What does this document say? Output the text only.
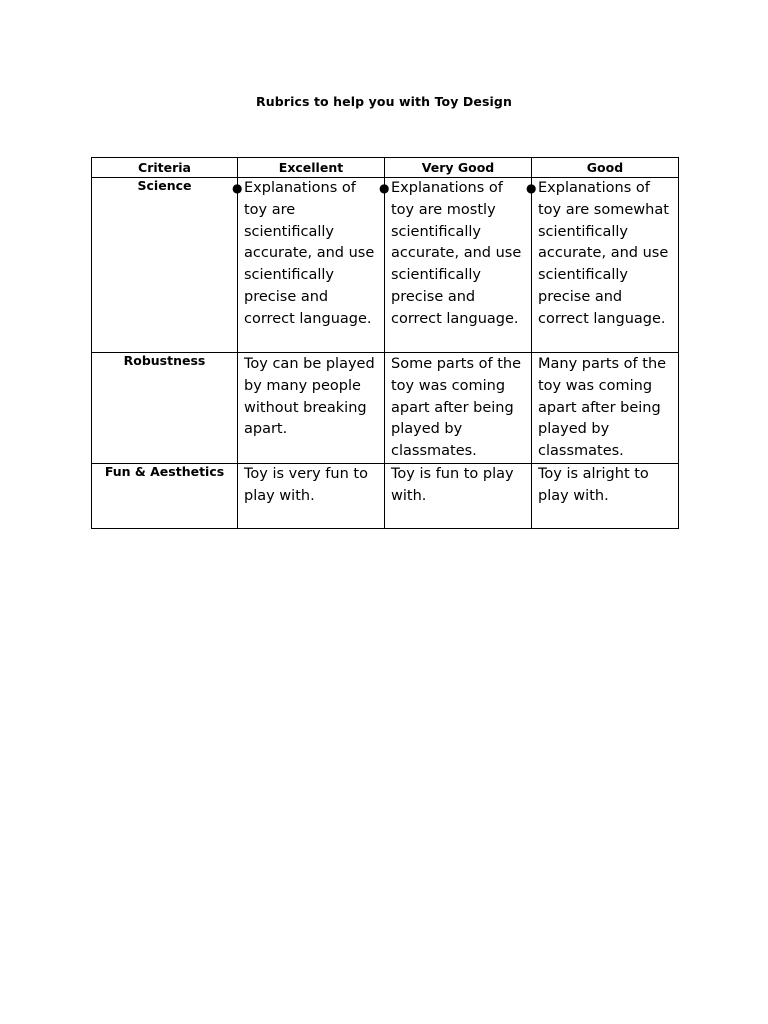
Rubrics to help you with Toy Design
Criteria	Excellent	Very Good	Good
Science	● Explanations of toy are scientifically accurate, and use scientifically precise and correct language.	● Explanations of toy are mostly scientifically accurate, and use scientifically precise and correct language.	● Explanations of toy are somewhat scientifically accurate, and use scientifically precise and correct language.

Robustness	Toy can be played by many people without breaking apart.	Some parts of the toy was coming apart after being played by classmates.	Many parts of the toy was coming apart after being played by classmates.

Fun & Aesthetics	Toy is very fun to play with.	Toy is fun to play with.	Toy is alright to play with.
